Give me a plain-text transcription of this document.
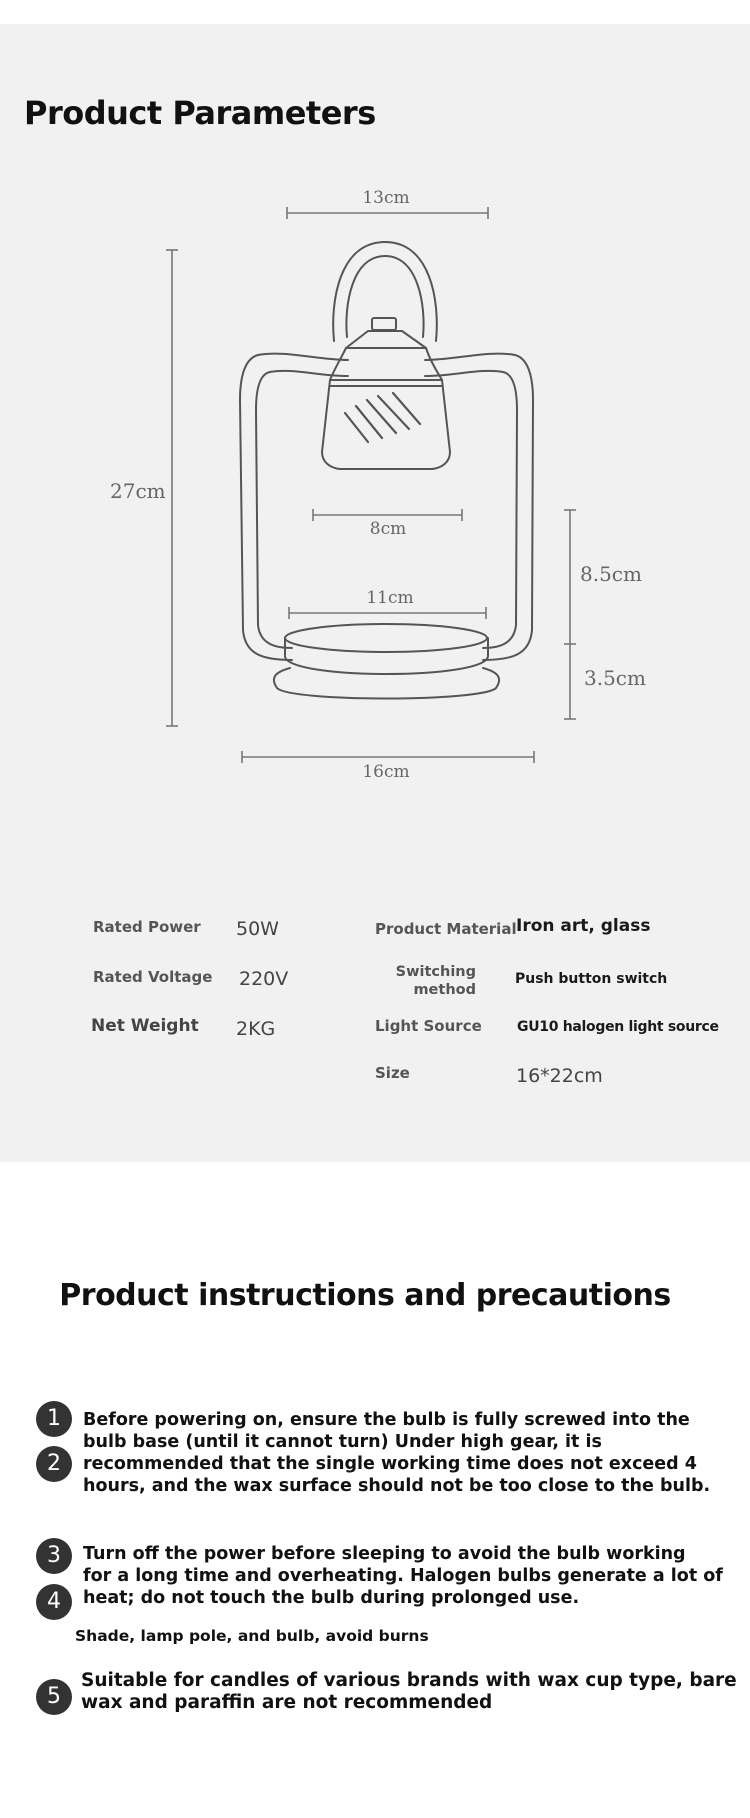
Product Parameters
13cm
27cm
8cm
11cm
8.5cm
3.5cm
16cm
Rated Power 50W
Rated Voltage 220V
Net Weight 2KG
Product Material Iron art, glass
Switching
method
Push button switch
Light Source	GU10 halogen light source
Size	16*22cm
Product instructions and precautions
1
2
3
4
5
Before powering on, ensure the bulb is fully screwed into the
bulb base (until it cannot turn) Under high gear, it is
recommended that the single working time does not exceed 4
hours, and the wax surface should not be too close to the bulb.
Turn off the power before sleeping to avoid the bulb working
for a long time and overheating. Halogen bulbs generate a lot of
heat; do not touch the bulb during prolonged use.
Shade, lamp pole, and bulb, avoid burns
Suitable for candles of various brands with wax cup type, bare
wax and paraffin are not recommended
